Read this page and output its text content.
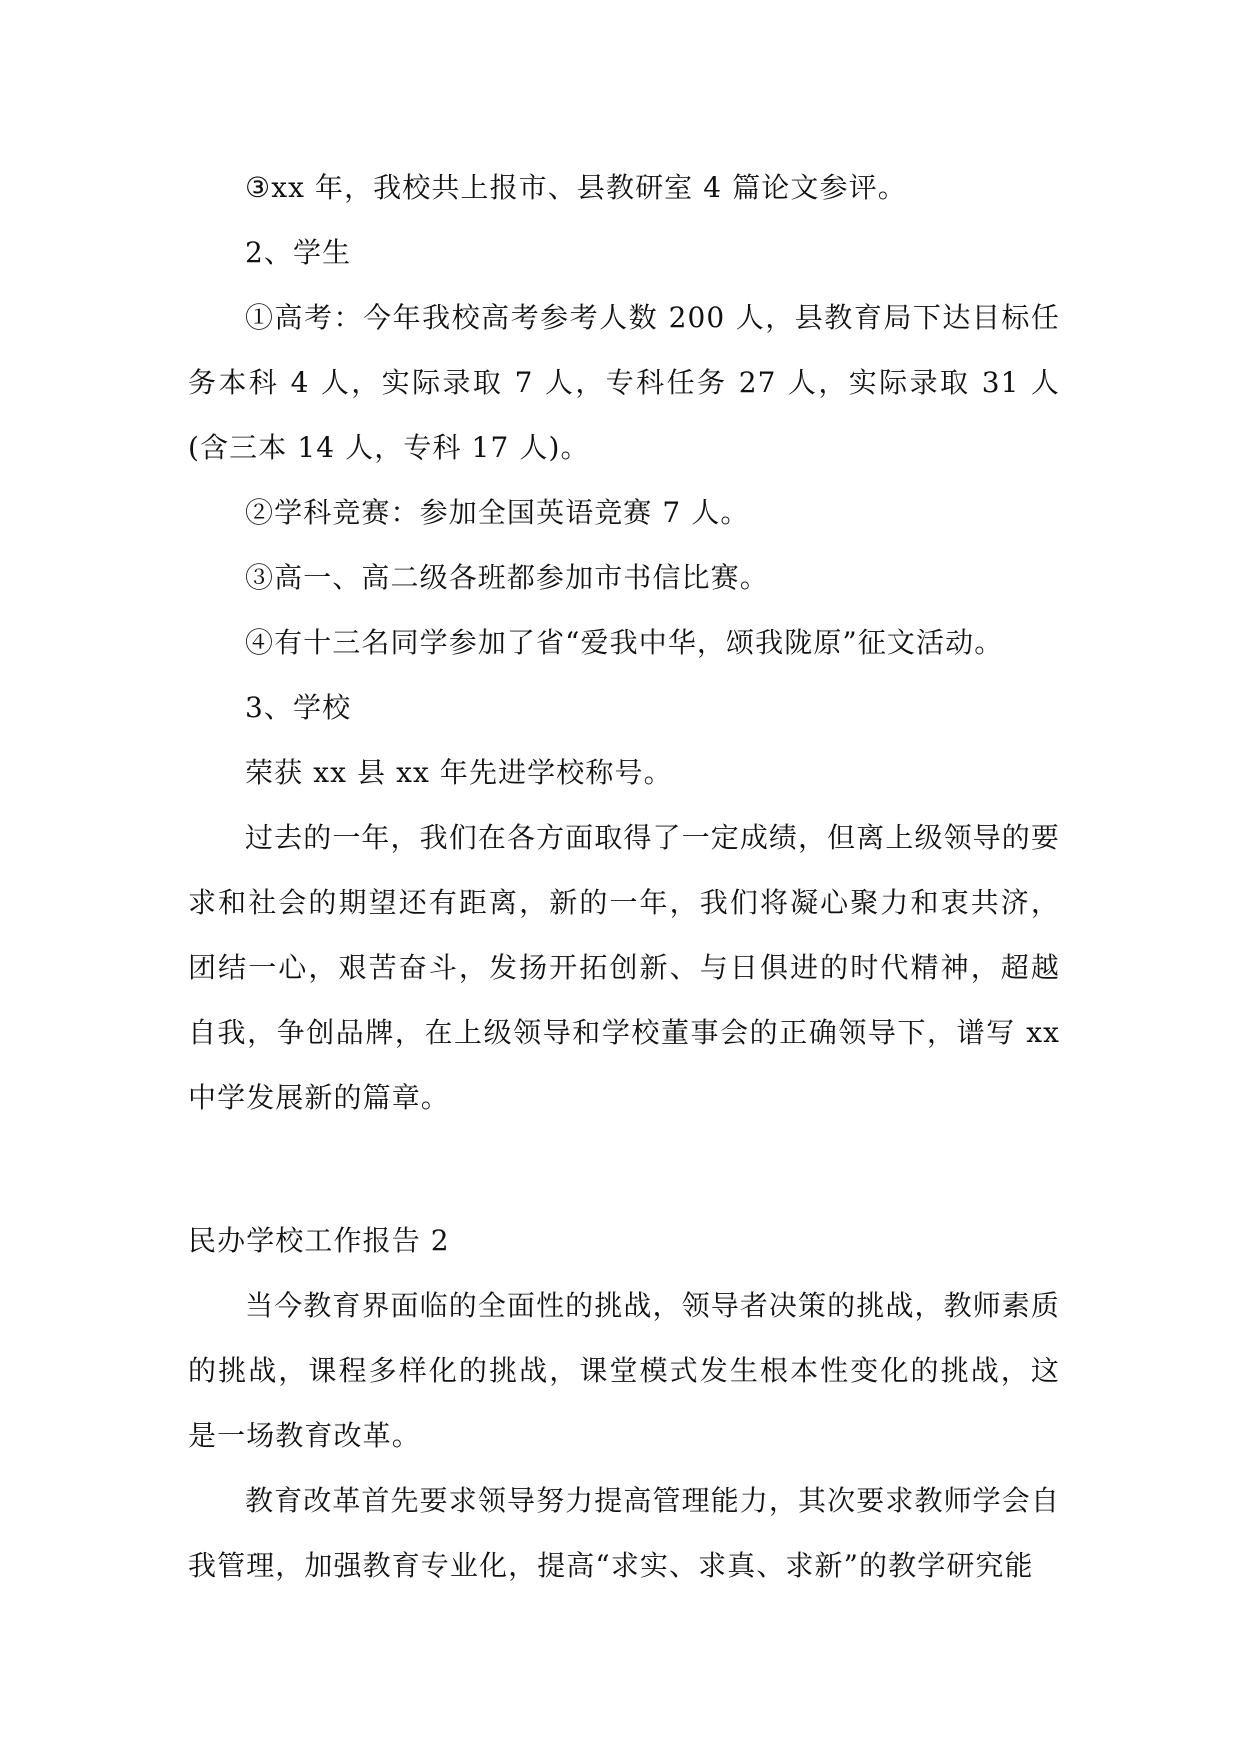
③xx 年，我校共上报市、县教研室 4 篇论文参评。

2、学生

①高考：今年我校高考参考人数 200 人，县教育局下达目标任务本科 4 人，实际录取 7 人，专科任务 27 人，实际录取 31 人(含三本 14 人，专科 17 人)。

②学科竞赛：参加全国英语竞赛 7 人。

③高一、高二级各班都参加市书信比赛。

④有十三名同学参加了省“爱我中华，颂我陇原”征文活动。

3、学校

荣获 xx 县 xx 年先进学校称号。

过去的一年，我们在各方面取得了一定成绩，但离上级领导的要求和社会的期望还有距离，新的一年，我们将凝心聚力和衷共济，团结一心，艰苦奋斗，发扬开拓创新、与日俱进的时代精神，超越自我，争创品牌，在上级领导和学校董事会的正确领导下，谱写 xx 中学发展新的篇章。

民办学校工作报告 2

当今教育界面临的全面性的挑战，领导者决策的挑战，教师素质的挑战，课程多样化的挑战，课堂模式发生根本性变化的挑战，这是一场教育改革。

教育改革首先要求领导努力提高管理能力，其次要求教师学会自我管理，加强教育专业化，提高“求实、求真、求新”的教学研究能
